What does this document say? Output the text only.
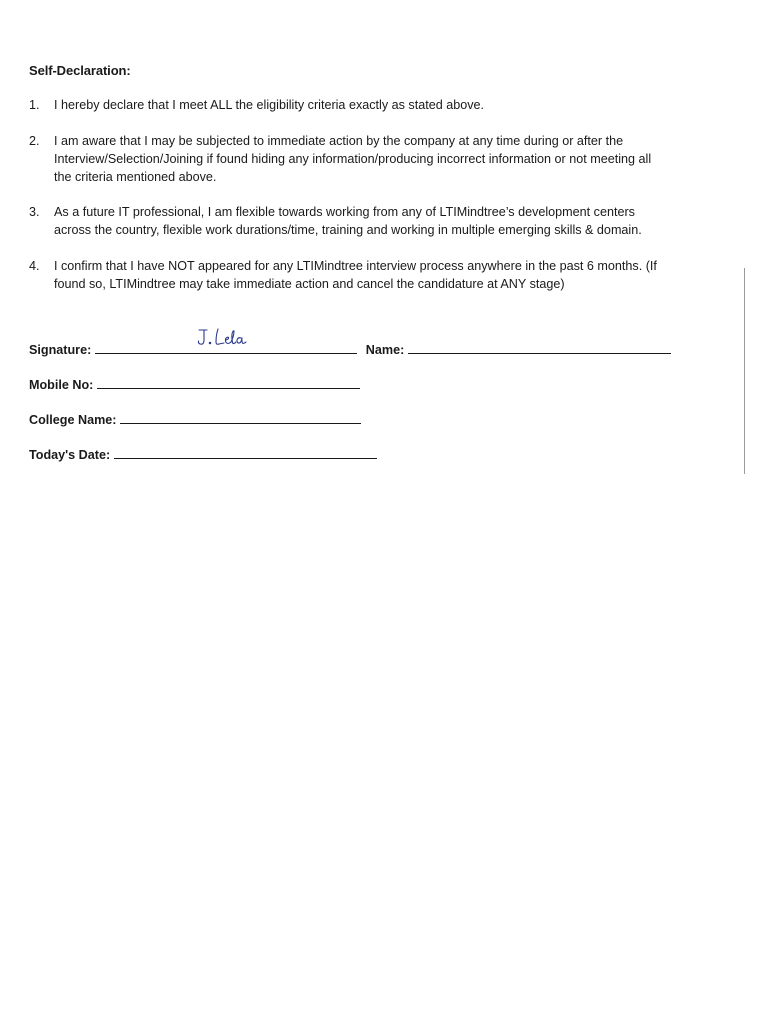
Self-Declaration:
1. I hereby declare that I meet ALL the eligibility criteria exactly as stated above.
2. I am aware that I may be subjected to immediate action by the company at any time during or after the
Interview/Selection/Joining if found hiding any information/producing incorrect information or not meeting all
the criteria mentioned above.
3. As a future IT professional, I am flexible towards working from any of LTIMindtree’s development centers
across the country, flexible work durations/time, training and working in multiple emerging skills & domain.
4. I confirm that I have NOT appeared for any LTIMindtree interview process anywhere in the past 6 months. (If
found so, LTIMindtree may take immediate action and cancel the candidature at ANY stage)
Signature:	Name:
Mobile No:
College Name:
Today's Date:
